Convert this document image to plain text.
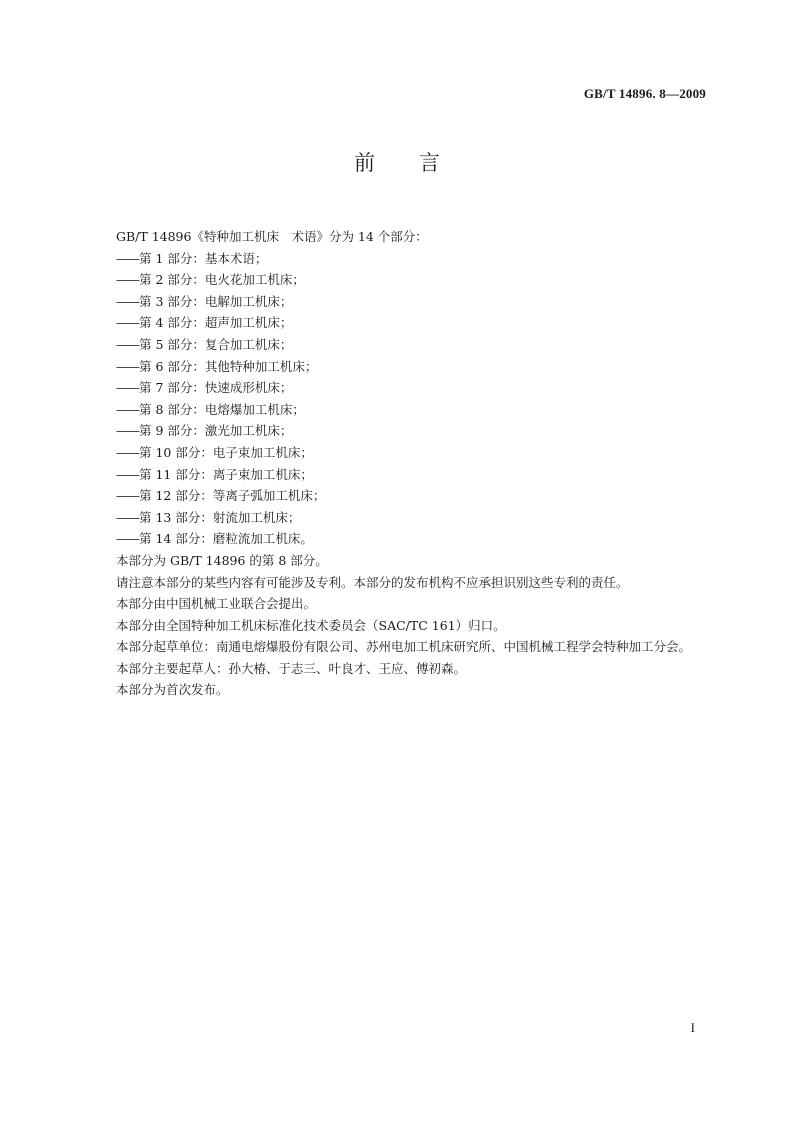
GB/T 14896. 8—2009
前言

GB/T 14896《特种加工机床　术语》分为 14 个部分：

——第 1 部分：基本术语；
——第 2 部分：电火花加工机床；
——第 3 部分：电解加工机床；
——第 4 部分：超声加工机床；
——第 5 部分：复合加工机床；
——第 6 部分：其他特种加工机床；
——第 7 部分：快速成形机床；
——第 8 部分：电熔爆加工机床；
——第 9 部分：激光加工机床；
——第 10 部分：电子束加工机床；
——第 11 部分：离子束加工机床；
——第 12 部分：等离子弧加工机床；
——第 13 部分：射流加工机床；
——第 14 部分：磨粒流加工机床。

本部分为 GB/T 14896 的第 8 部分。

请注意本部分的某些内容有可能涉及专利。本部分的发布机构不应承担识别这些专利的责任。

本部分由中国机械工业联合会提出。

本部分由全国特种加工机床标准化技术委员会（SAC/TC 161）归口。

本部分起草单位：南通电熔爆股份有限公司、苏州电加工机床研究所、中国机械工程学会特种加工分会。

本部分主要起草人：孙大椿、于志三、叶良才、王应、傅初森。

本部分为首次发布。

I
